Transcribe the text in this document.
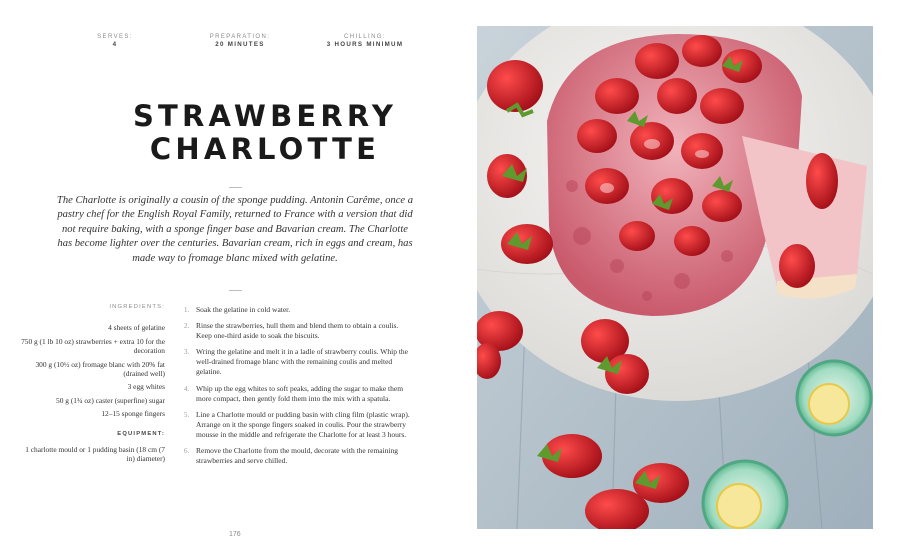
SERVES:
4
PREPARATION:
20 MINUTES
CHILLING:
3 HOURS MINIMUM
STRAWBERRY
CHARLOTTE

The Charlotte is originally a cousin of the sponge pudding. Antonin Carême, once a pastry chef for the English Royal Family, returned to France with a version that did not require baking, with a sponge finger base and Bavarian cream. The Charlotte has become lighter over the centuries. Bavarian cream, rich in eggs and cream, has made way to fromage blanc mixed with gelatine.

INGREDIENTS:
4 sheets of gelatine
750 g (1 lb 10 oz) strawberries + extra 10 for the decoration
300 g (10½ oz) fromage blanc with 20% fat (drained well)
3 egg whites
50 g (1¾ oz) caster (superfine) sugar
12–15 sponge fingers
EQUIPMENT:
1 charlotte mould or 1 pudding basin (18 cm (7 in) diameter)
1. Soak the gelatine in cold water.
2. Rinse the strawberries, hull them and blend them to obtain a coulis. Keep one-third aside to soak the biscuits.
3. Wring the gelatine and melt it in a ladle of strawberry coulis. Whip the well-drained fromage blanc with the remaining coulis and melted gelatine.
4. Whip up the egg whites to soft peaks, adding the sugar to make them more compact, then gently fold them into the mix with a spatula.
5. Line a Charlotte mould or pudding basin with cling film (plastic wrap). Arrange on it the sponge fingers soaked in coulis. Pour the strawberry mousse in the middle and refrigerate the Charlotte for at least 3 hours.
6. Remove the Charlotte from the mould, decorate with the remaining strawberries and serve chilled.
176
